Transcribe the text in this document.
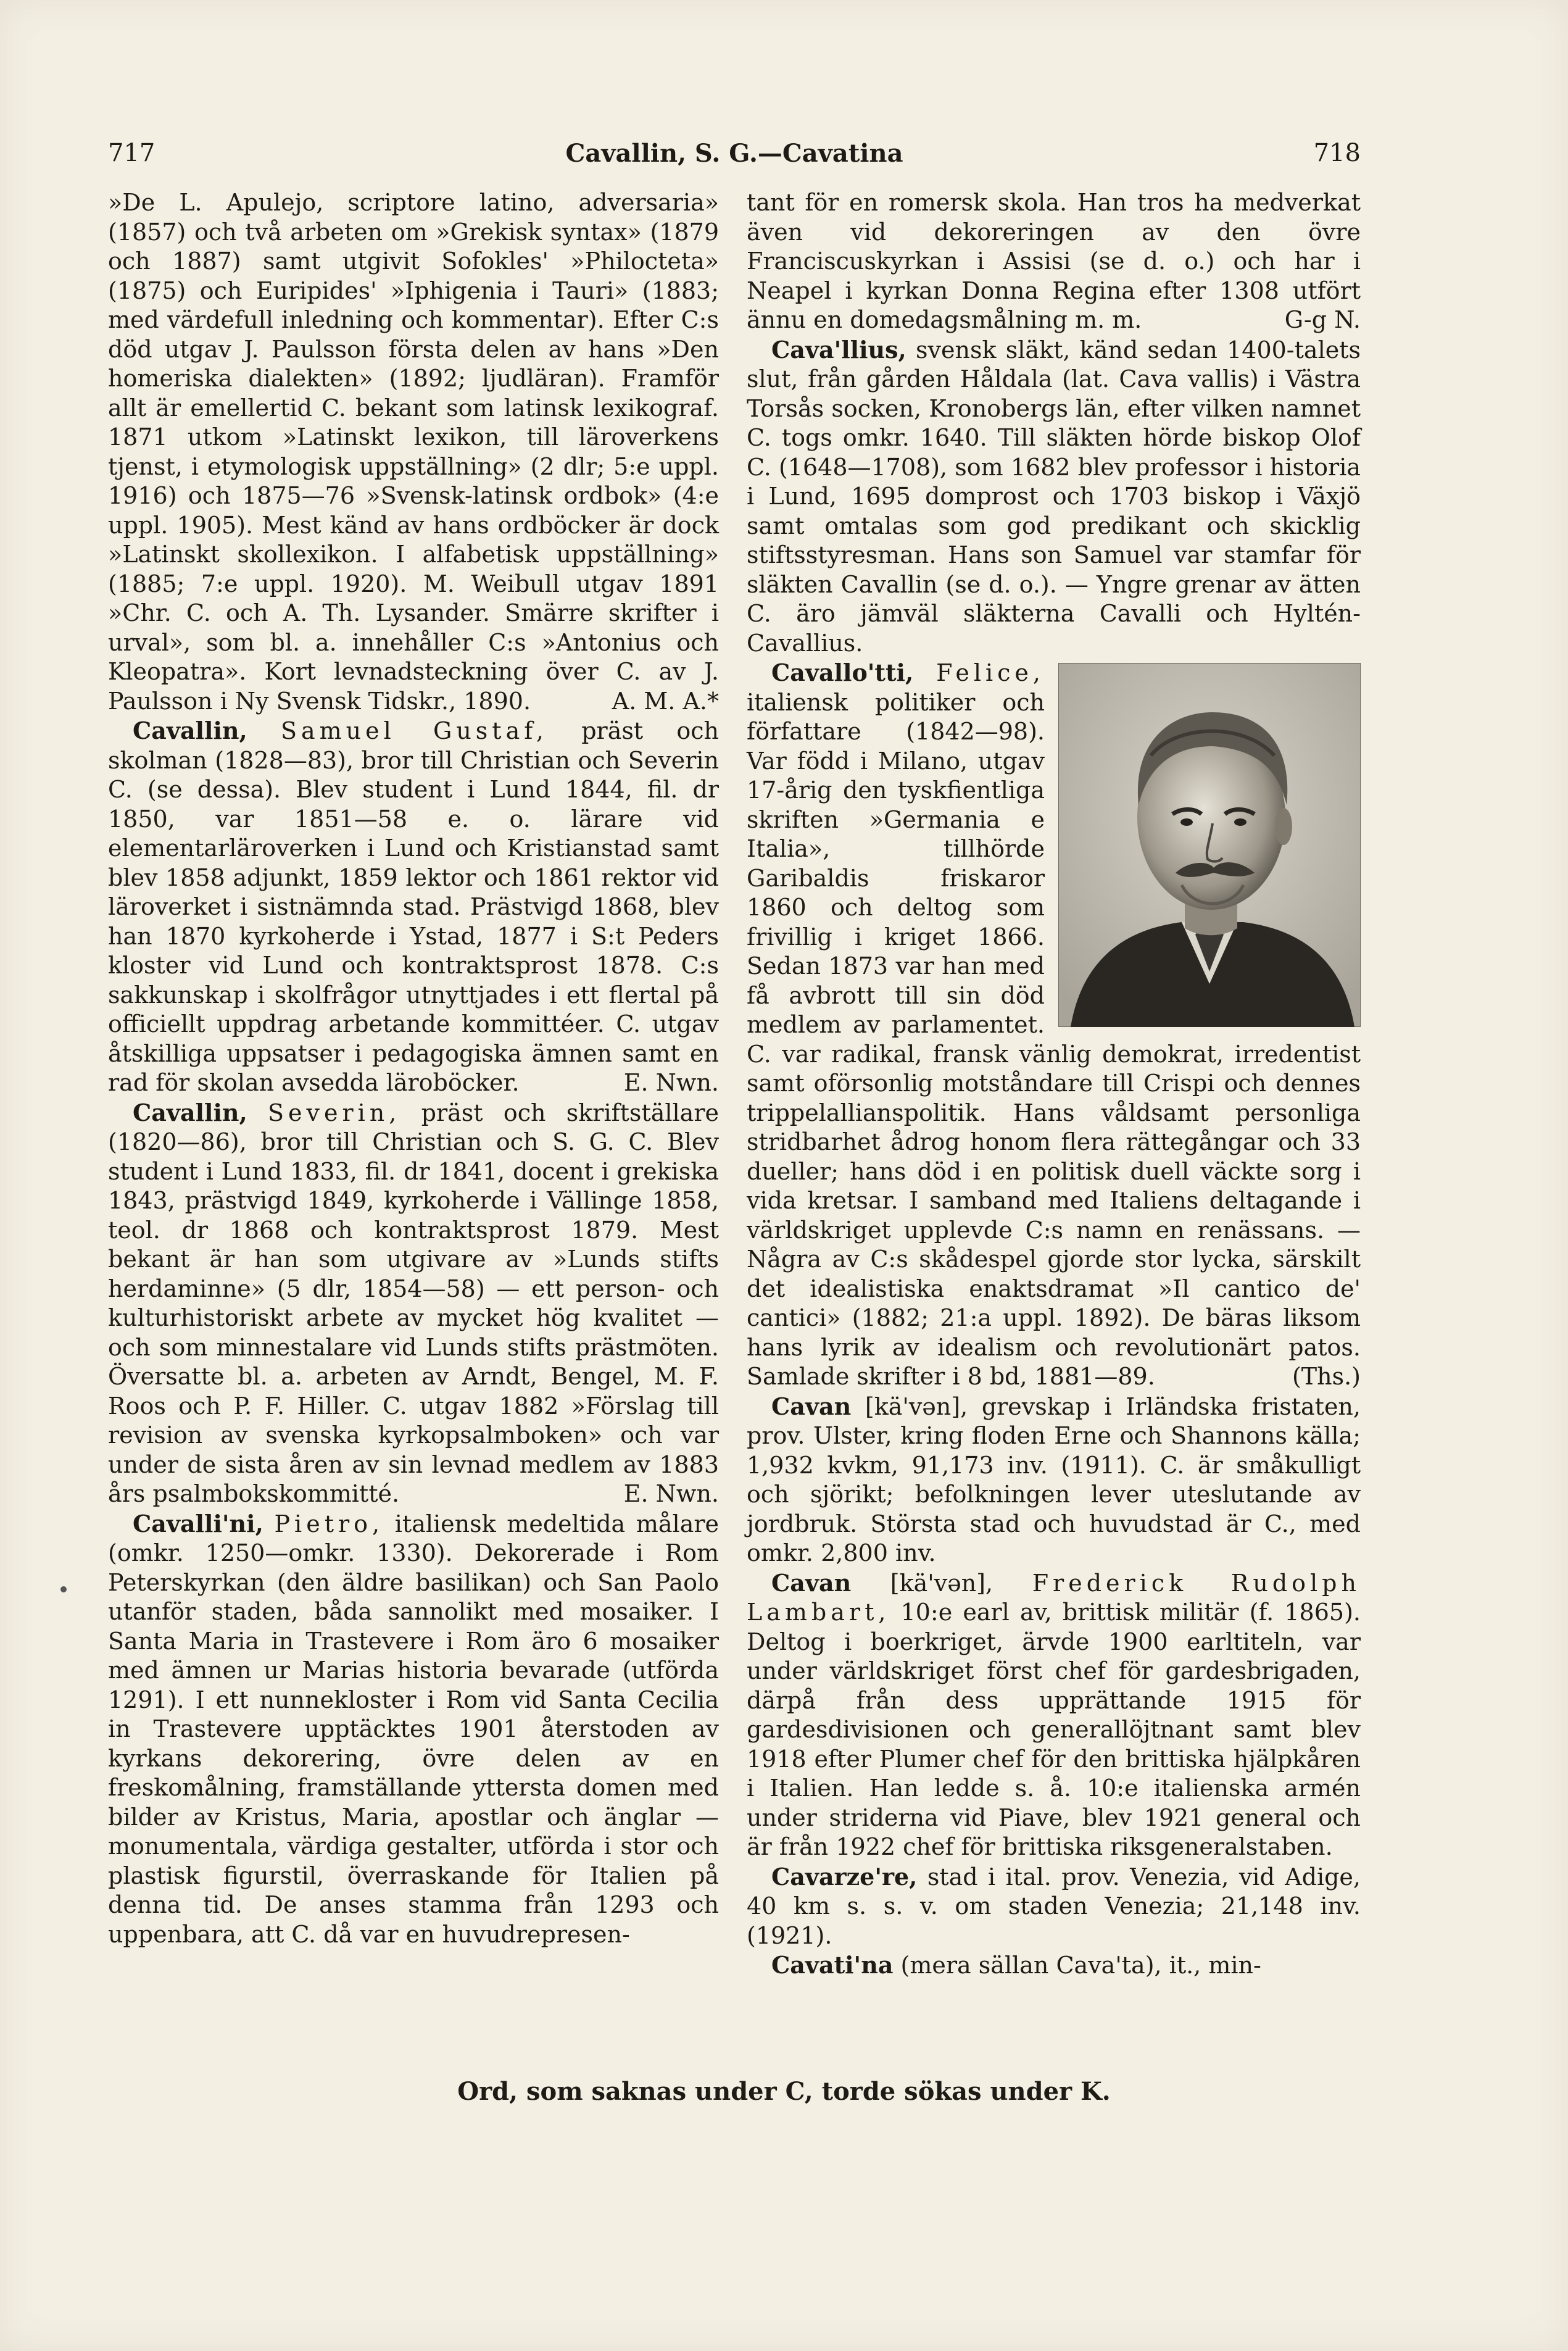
717	Cavallin, S. G.—Cavatina	718

»De L. Apulejo, scriptore latino, adversaria» (1857) och två arbeten om »Grekisk syntax» (1879 och 1887) samt utgivit Sofokles' »Philocteta» (1875) och Euripides' »Iphigenia i Tauri» (1883; med värdefull inledning och kommentar). Efter C:s död utgav J. Paulsson första delen av hans »Den homeriska dialekten» (1892; ljudläran). Framför allt är emellertid C. bekant som latinsk lexikograf. 1871 utkom »Latinskt lexikon, till läroverkens tjenst, i etymologisk uppställning» (2 dlr; 5:e uppl. 1916) och 1875—76 »Svensk-latinsk ordbok» (4:e uppl. 1905). Mest känd av hans ordböcker är dock »Latinskt skollexikon. I alfabetisk uppställning» (1885; 7:e uppl. 1920). M. Weibull utgav 1891 »Chr. C. och A. Th. Lysander. Smärre skrifter i urval», som bl. a. innehåller C:s »Antonius och Kleopatra». Kort levnadsteckning över C. av J. Paulsson i Ny Svensk Tidskr., 1890.	A. M. A.*

Cavallin, Samuel Gustaf, präst och skolman (1828—83), bror till Christian och Severin C. (se dessa). Blev student i Lund 1844, fil. dr 1850, var 1851—58 e. o. lärare vid elementarläroverken i Lund och Kristianstad samt blev 1858 adjunkt, 1859 lektor och 1861 rektor vid läroverket i sistnämnda stad. Prästvigd 1868, blev han 1870 kyrkoherde i Ystad, 1877 i S:t Peders kloster vid Lund och kontraktsprost 1878. C:s sakkunskap i skolfrågor utnyttjades i ett flertal på officiellt uppdrag arbetande kommittéer. C. utgav åtskilliga uppsatser i pedagogiska ämnen samt en rad för skolan avsedda läroböcker.	E. Nwn.

Cavallin, Severin, präst och skriftställare (1820—86), bror till Christian och S. G. C. Blev student i Lund 1833, fil. dr 1841, docent i grekiska 1843, prästvigd 1849, kyrkoherde i Vällinge 1858, teol. dr 1868 och kontraktsprost 1879. Mest bekant är han som utgivare av »Lunds stifts herdaminne» (5 dlr, 1854—58) — ett person- och kulturhistoriskt arbete av mycket hög kvalitet — och som minnestalare vid Lunds stifts prästmöten. Översatte bl. a. arbeten av Arndt, Bengel, M. F. Roos och P. F. Hiller. C. utgav 1882 »Förslag till revision av svenska kyrkopsalmboken» och var under de sista åren av sin levnad medlem av 1883 års psalmbokskommitté.	E. Nwn.

Cavalli'ni, Pietro, italiensk medeltida målare (omkr. 1250—omkr. 1330). Dekorerade i Rom Peterskyrkan (den äldre basilikan) och San Paolo utanför staden, båda sannolikt med mosaiker. I Santa Maria in Trastevere i Rom äro 6 mosaiker med ämnen ur Marias historia bevarade (utförda 1291). I ett nunnekloster i Rom vid Santa Cecilia in Trastevere upptäcktes 1901 återstoden av kyrkans dekorering, övre delen av en freskomålning, framställande yttersta domen med bilder av Kristus, Maria, apostlar och änglar — monumentala, värdiga gestalter, utförda i stor och plastisk figurstil, överraskande för Italien på denna tid. De anses stamma från 1293 och uppenbara, att C. då var en huvudrepresen-

tant för en romersk skola. Han tros ha medverkat även vid dekoreringen av den övre Franciscuskyrkan i Assisi (se d. o.) och har i Neapel i kyrkan Donna Regina efter 1308 utfört ännu en domedagsmålning m. m.	G-g N.

Cava'llius, svensk släkt, känd sedan 1400-talets slut, från gården Håldala (lat. Cava vallis) i Västra Torsås socken, Kronobergs län, efter vilken namnet C. togs omkr. 1640. Till släkten hörde biskop Olof C. (1648—1708), som 1682 blev professor i historia i Lund, 1695 domprost och 1703 biskop i Växjö samt omtalas som god predikant och skicklig stiftsstyresman. Hans son Samuel var stamfar för släkten Cavallin (se d. o.). — Yngre grenar av ätten C. äro jämväl släkterna Cavalli och Hyltén-Cavallius.

Cavallo'tti, Felice,
italiensk politiker och författare (1842—98). Var född i Milano, utgav 17-årig den tyskfientliga skriften »Germania e Italia», tillhörde Garibaldis friskaror 1860 och deltog som frivillig i kriget 1866. Sedan 1873 var han med få avbrott till sin död medlem av parlamentet. C. var radikal, fransk vänlig demokrat, irredentist samt oförsonlig motståndare till Crispi och dennes trippelallianspolitik. Hans våldsamt personliga stridbarhet ådrog honom flera rättegångar och 33 dueller; hans död i en politisk duell väckte sorg i vida kretsar. I samband med Italiens deltagande i världskriget upplevde C:s namn en renässans. — Några av C:s skådespel gjorde stor lycka, särskilt det idealistiska enaktsdramat »Il cantico de' cantici» (1882; 21:a uppl. 1892). De bäras liksom hans lyrik av idealism och revolutionärt patos. Samlade skrifter i 8 bd, 1881—89.	(Ths.)

Cavan [kä'vən], grevskap i Irländska fristaten, prov. Ulster, kring floden Erne och Shannons källa; 1,932 kvkm, 91,173 inv. (1911). C. är småkulligt och sjörikt; befolkningen lever uteslutande av jordbruk. Största stad och huvudstad är C., med omkr. 2,800 inv.

Cavan [kä'vən], Frederick Rudolph Lambart, 10:e earl av, brittisk militär (f. 1865). Deltog i boerkriget, ärvde 1900 earltiteln, var under världskriget först chef för gardesbrigaden, därpå från dess upprättande 1915 för gardesdivisionen och generallöjtnant samt blev 1918 efter Plumer chef för den brittiska hjälpkåren i Italien. Han ledde s. å. 10:e italienska armén under striderna vid Piave, blev 1921 general och är från 1922 chef för brittiska riksgeneralstaben.

Cavarze're, stad i ital. prov. Venezia, vid Adige, 40 km s. s. v. om staden Venezia; 21,148 inv. (1921).

Cavati'na (mera sällan Cava'ta), it., min-

Ord, som saknas under C, torde sökas under K.
